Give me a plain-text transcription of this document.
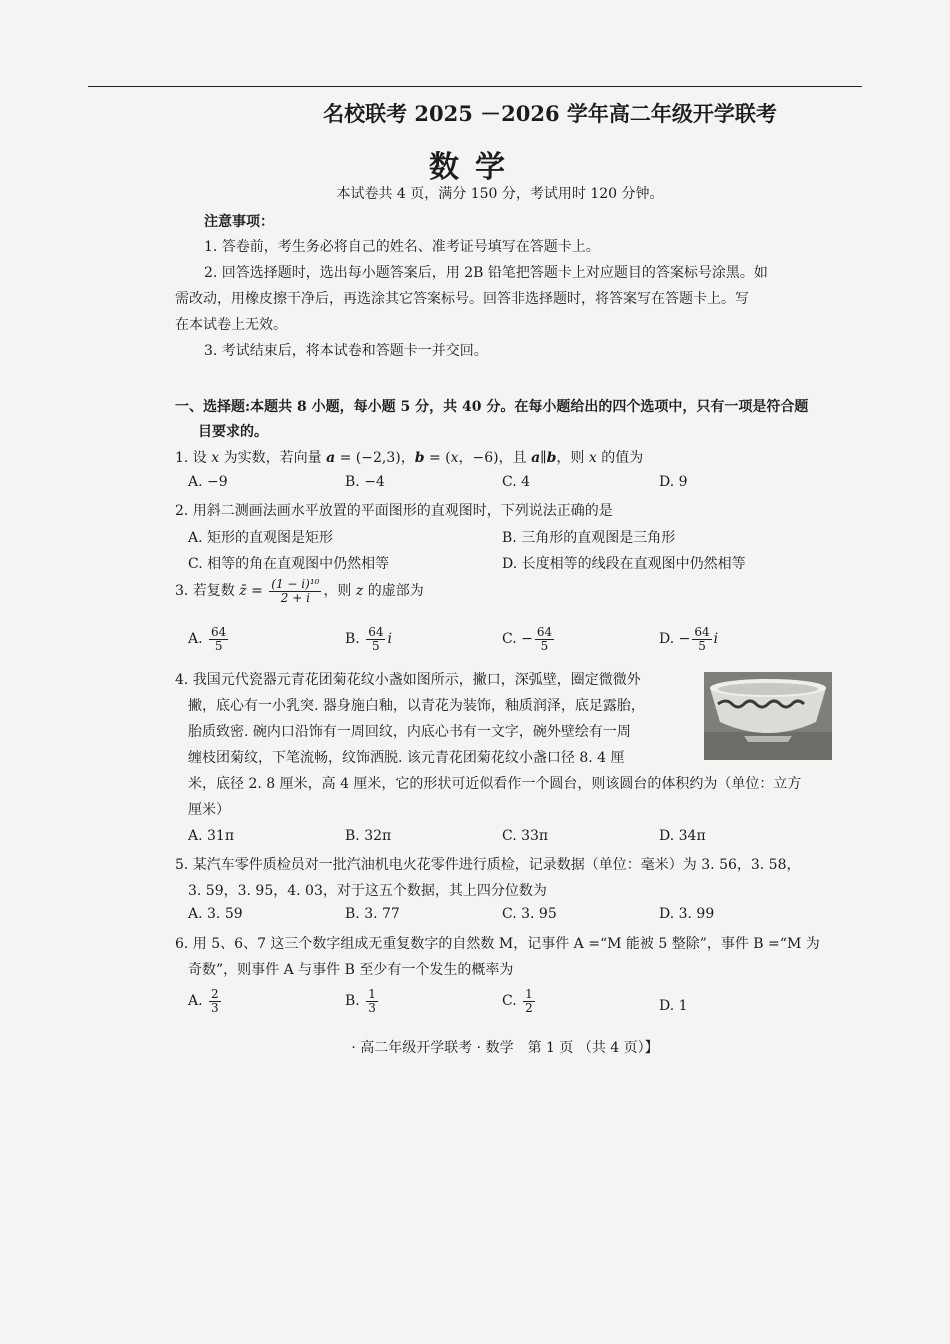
名校联考 2025 －2026 学年高二年级开学联考
数学
本试卷共 4 页，满分 150 分，考试用时 120 分钟。
注意事项：
1. 答卷前，考生务必将自己的姓名、准考证号填写在答题卡上。
2. 回答选择题时，选出每小题答案后，用 2B 铅笔把答题卡上对应题目的答案标号涂黑。如
需改动，用橡皮擦干净后，再选涂其它答案标号。回答非选择题时，将答案写在答题卡上。写
在本试卷上无效。
3. 考试结束后，将本试卷和答题卡一并交回。
一、选择题:本题共 8 小题，每小题 5 分，共 40 分。在每小题给出的四个选项中，只有一项是符合题
目要求的。
1. 设 x 为实数，若向量 a = (−2,3)，b = (x，−6)，且 a∥b，则 x 的值为
A. −9	B. −4	C. 4	D. 9
2. 用斜二测画法画水平放置的平面图形的直观图时，下列说法正确的是
A. 矩形的直观图是矩形	B. 三角形的直观图是三角形
C. 相等的角在直观图中仍然相等	D. 长度相等的线段在直观图中仍然相等
3. 若复数 z̄ = $\frac{\text{(1 − i)¹⁰}}{2 + i}$ ，则 z 的虚部为
A. $\frac{64}{5}$	B. $\frac{64}{5}$ i	C. − $\frac{64}{5}$	D. − $\frac{64}{5}$ i
4. 我国元代瓷器元青花团菊花纹小盏如图所示，撇口，深弧壁，圈定微微外
撇，底心有一小乳突. 器身施白釉，以青花为装饰，釉质润泽，底足露胎，
胎质致密. 碗内口沿饰有一周回纹，内底心书有一文字，碗外壁绘有一周
缠枝团菊纹，下笔流畅，纹饰洒脱. 该元青花团菊花纹小盏口径 8. 4 厘
米，底径 2. 8 厘米，高 4 厘米，它的形状可近似看作一个圆台，则该圆台的体积约为（单位：立方
厘米）
A. 31π	B. 32π	C. 33π	D. 34π
5. 某汽车零件质检员对一批汽油机电火花零件进行质检，记录数据（单位：毫米）为 3. 56，3. 58，
3. 59，3. 95，4. 03，对于这五个数据，其上四分位数为
A. 3. 59	B. 3. 77	C. 3. 95	D. 3. 99
6. 用 5、6、7 这三个数字组成无重复数字的自然数 M，记事件 A =“M 能被 5 整除”，事件 B =“M 为
奇数”，则事件 A 与事件 B 至少有一个发生的概率为
A. $\frac{2}{3}$	B. $\frac{1}{3}$	C. $\frac{1}{2}$	D. 1
· 高二年级开学联考 · 数学　第 1 页 （共 4 页）】
